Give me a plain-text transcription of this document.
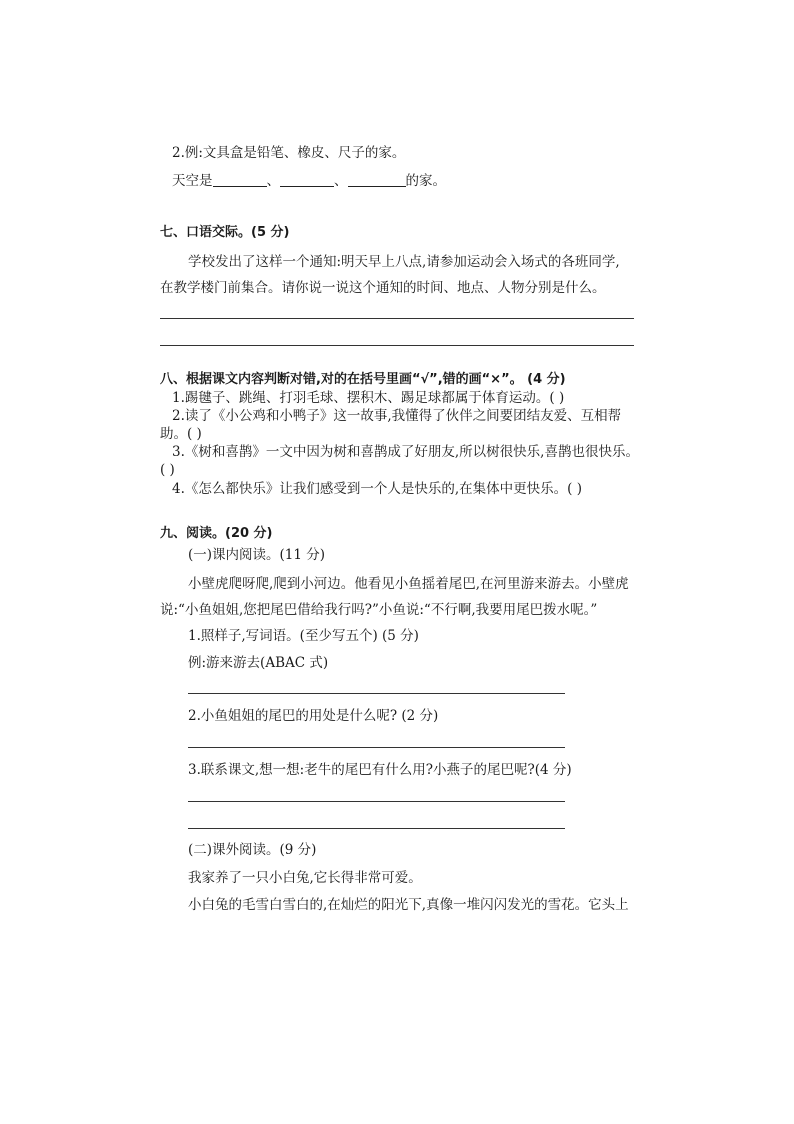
2.例:文具盒是铅笔、橡皮、尺子的家。
天空是	、	、	的家。
七、口语交际。(5 分)
学校发出了这样一个通知:明天早上八点,请参加运动会入场式的各班同学,
在教学楼门前集合。请你说一说这个通知的时间、地点、人物分别是什么。
八、根据课文内容判断对错,对的在括号里画“√”,错的画“×”。 (4 分)
1.踢毽子、跳绳、打羽毛球、摆积木、踢足球都属于体育运动。( )
2.读了《小公鸡和小鸭子》这一故事,我懂得了伙伴之间要团结友爱、互相帮
助。( )
3.《树和喜鹊》一文中因为树和喜鹊成了好朋友,所以树很快乐,喜鹊也很快乐。
( )
4.《怎么都快乐》让我们感受到一个人是快乐的,在集体中更快乐。( )
九、阅读。(20 分)
(一)课内阅读。(11 分)
小壁虎爬呀爬,爬到小河边。他看见小鱼摇着尾巴,在河里游来游去。小壁虎
说:“小鱼姐姐,您把尾巴借给我行吗?”小鱼说:“不行啊,我要用尾巴拨水呢。”
1.照样子,写词语。(至少写五个) (5 分)
例:游来游去(ABAC 式)
2.小鱼姐姐的尾巴的用处是什么呢? (2 分)
3.联系课文,想一想:老牛的尾巴有什么用?小燕子的尾巴呢?(4 分)
(二)课外阅读。(9 分)
我家养了一只小白兔,它长得非常可爱。
小白兔的毛雪白雪白的,在灿烂的阳光下,真像一堆闪闪发光的雪花。它头上
